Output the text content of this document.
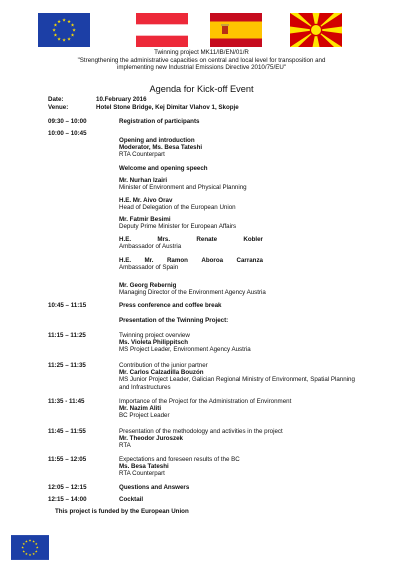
★ ★
★
★
★
★
★
★
★
★
★
★
Twinning project MK11/IB/EN/01/R
"Strengthening the administrative capacities on central and local level for transposition and
implementing new Industrial Emissions Directive 2010/75/EU"
Agenda for Kick-off Event
Date:	10.February 2016
Venue:	Hotel Stone Bridge, Kej Dimitar Vlahov 1, Skopje
09:30 – 10:00	Registration of participants
10:00 – 10:45
Opening and introduction
Moderator, Ms. Besa Tateshi
RTA Counterpart
Welcome and opening speech
Mr. Nurhan Izairi
Minister of Environment and Physical Planning
H.E. Mr. Aivo Orav
Head of Delegation of the European Union
Mr. Fatmir Besimi
Deputy Prime Minister for European Affairs
H.E.	Mrs.	Renate	Kobler
Ambassador of Austria
H.E. Mr. Ramon Aboroa Carranza
Ambassador of Spain
Mr. Georg Rebernig
Managing Director of the Environment Agency Austria
10:45 – 11:15	Press conference and coffee break
Presentation of the Twinning Project:
11:15 – 11:25	Twinning project overview
Ms. Violeta Philippitsch
MS Project Leader, Environment Agency Austria
11:25 – 11:35	Contribution of the junior partner
Mr. Carlos Calzadilla Bouzón
MS Junior Project Leader, Galician Regional Ministry of Environment, Spatial Planning and Infrastructures
11:35 - 11:45	Importance of the Project for the Administration of Environment
Mr. Nazim Aliti
BC Project Leader
11:45 – 11:55	Presentation of the methodology and activities in the project
Mr. Theodor Juroszek
RTA
11:55 – 12:05	Expectations and foreseen results of the BC
Ms. Besa Tateshi
RTA Counterpart
12:05 – 12:15	Questions and Answers
12:15 – 14:00	Cocktail
This project is funded by the European Union
★ ★
★
★
★
★
★
★
★
★
★
★
